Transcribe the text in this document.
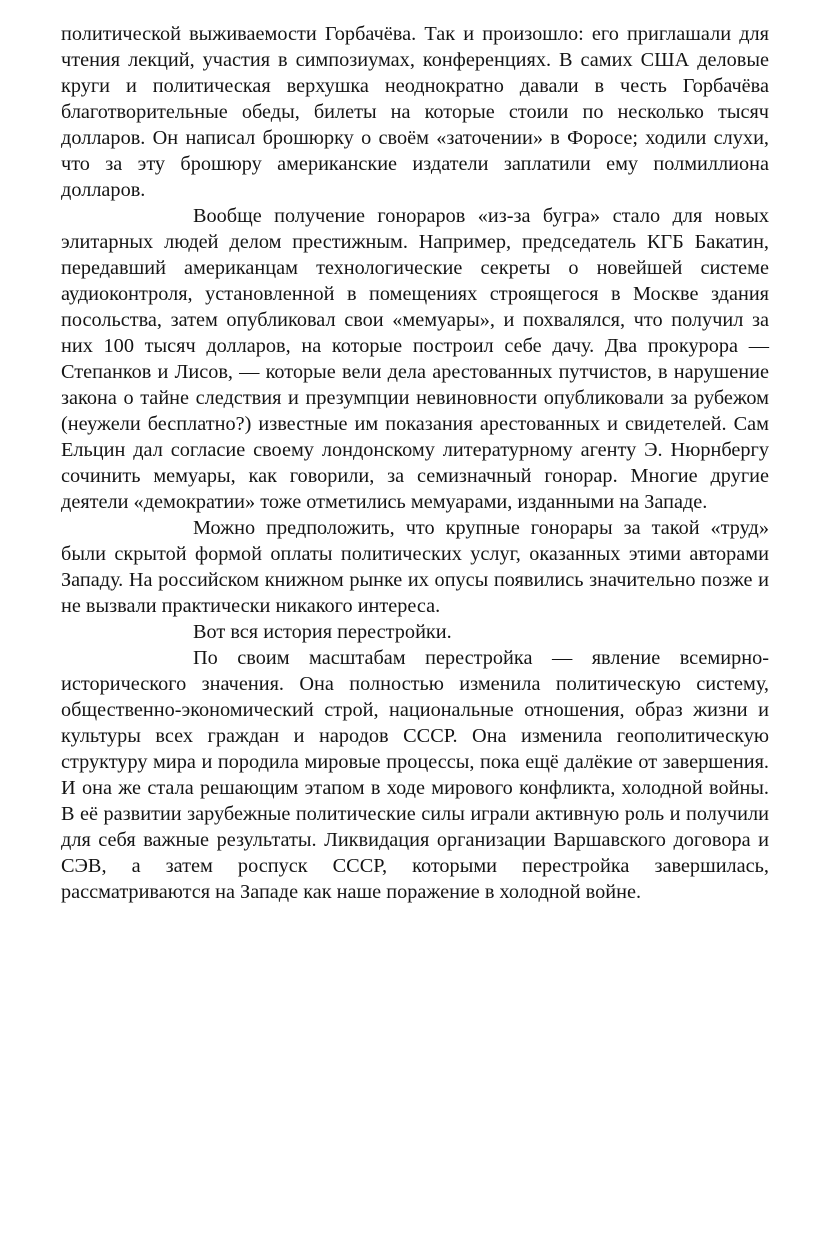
политической выживаемости Горбачёва. Так и произошло: его приглашали для чтения лекций, участия в симпозиумах, конференциях. В самих США деловые круги и политическая верхушка неоднократно давали в честь Горбачёва благотворительные обеды, билеты на которые стоили по несколько тысяч долларов. Он написал брошюрку о своём «заточении» в Форосе; ходили слухи, что за эту брошюру американские издатели заплатили ему полмиллиона долларов.

Вообще получение гонораров «из-за бугра» стало для новых элитарных людей делом престижным. Например, председатель КГБ Бакатин, передавший американцам технологические секреты о новейшей системе аудиоконтроля, установленной в помещениях строящегося в Москве здания посольства, затем опубликовал свои «мемуары», и похвалялся, что получил за них 100 тысяч долларов, на которые построил себе дачу. Два прокурора — Степанков и Лисов, — которые вели дела арестованных путчистов, в нарушение закона о тайне следствия и презумпции невиновности опубликовали за рубежом (неужели бесплатно?) известные им показания арестованных и свидетелей. Сам Ельцин дал согласие своему лондонскому литературному агенту Э. Нюрнбергу сочинить мемуары, как говорили, за семизначный гонорар. Многие другие деятели «демократии» тоже отметились мемуарами, изданными на Западе.

Можно предположить, что крупные гонорары за такой «труд» были скрытой формой оплаты политических услуг, оказанных этими авторами Западу. На российском книжном рынке их опусы появились значительно позже и не вызвали практически никакого интереса.

Вот вся история перестройки.

По своим масштабам перестройка — явление всемирно-исторического значения. Она полностью изменила политическую систему, общественно-экономический строй, национальные отношения, образ жизни и культуры всех граждан и народов СССР. Она изменила геополитическую структуру мира и породила мировые процессы, пока ещё далёкие от завершения. И она же стала решающим этапом в ходе мирового конфликта, холодной войны. В её развитии зарубежные политические силы играли активную роль и получили для себя важные результаты. Ликвидация организации Варшавского договора и СЭВ, а затем роспуск СССР, которыми перестройка завершилась, рассматриваются на Западе как наше поражение в холодной войне.
